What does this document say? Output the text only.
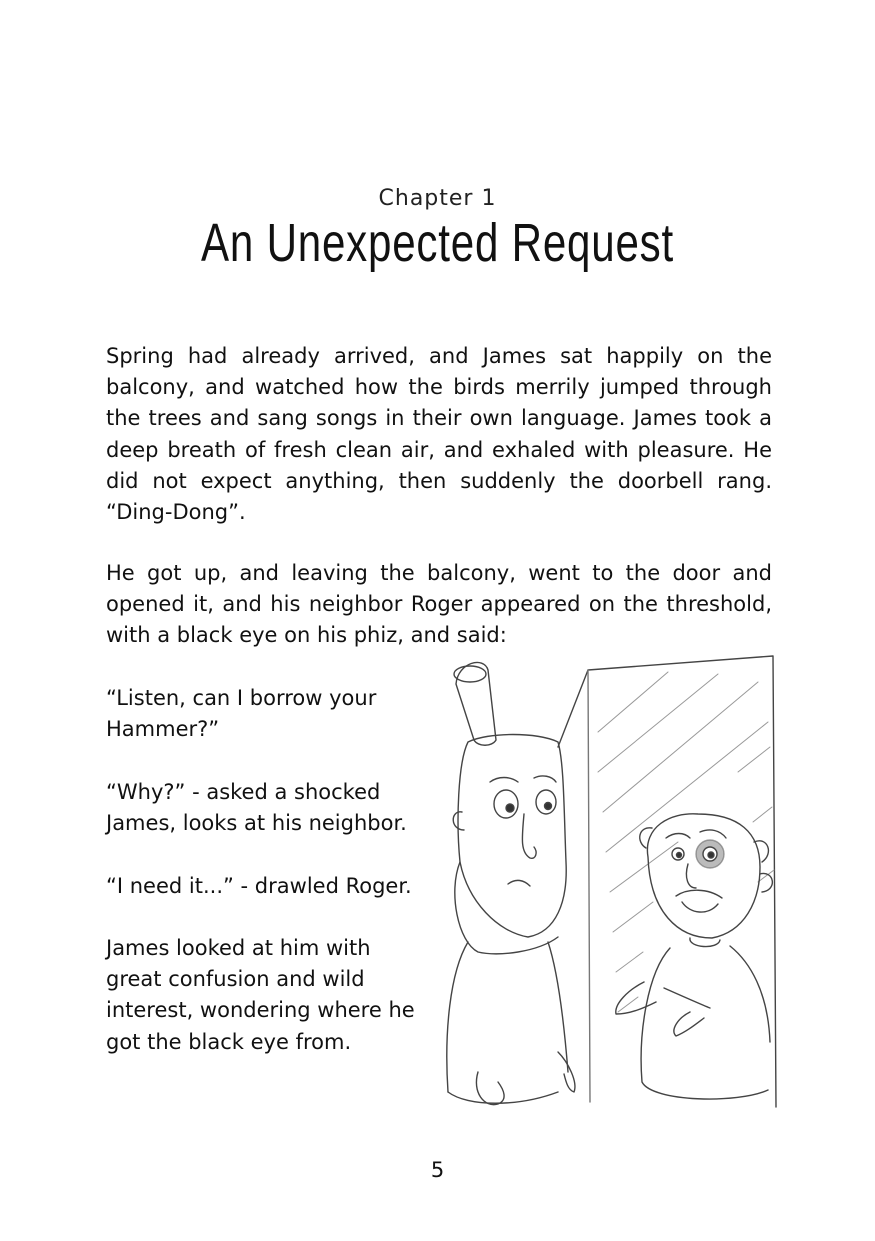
Chapter 1
An Unexpected Request

Spring had already arrived, and James sat happily on the balcony, and watched how the birds merrily jumped through the trees and sang songs in their own language. James took a deep breath of fresh clean air, and exhaled with pleasure. He did not expect anything, then suddenly the doorbell rang. “Ding-Dong”.

He got up, and leaving the balcony, went to the door and opened it, and his neighbor Roger appeared on the threshold, with a black eye on his phiz, and said:

“Listen, can I borrow your Hammer?”

“Why?” - asked a shocked James, looks at his neighbor.

“I need it...” - drawled Roger.

James looked at him with great confusion and wild interest, wondering where he got the black eye from.

5
